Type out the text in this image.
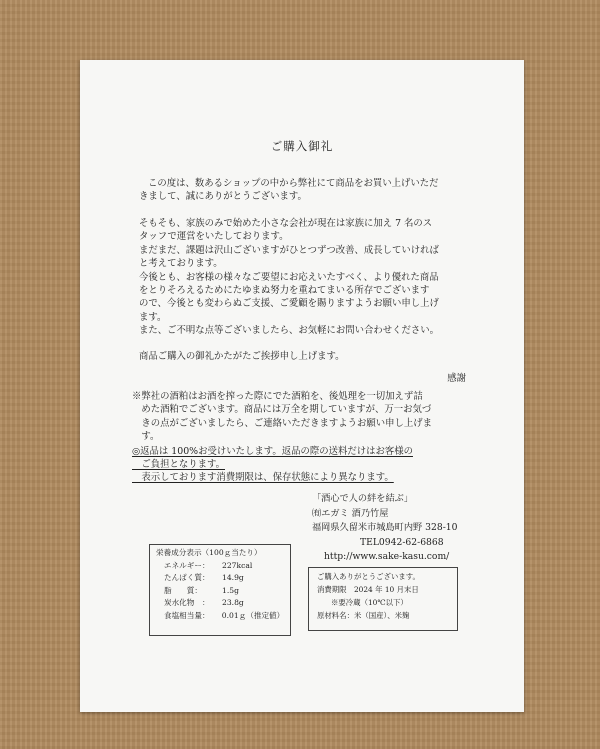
ご購入御礼
この度は、数あるショップの中から弊社にて商品をお買い上げいただ
きまして、誠にありがとうございます。
そもそも、家族のみで始めた小さな会社が現在は家族に加え 7 名のス
タッフで運営をいたしております。
まだまだ、課題は沢山ございますがひとつずつ改善、成長していければ
と考えております。
今後とも、お客様の様々なご要望にお応えいたすべく、より優れた商品
をとりそろえるためにたゆまぬ努力を重ねてまいる所存でございます
ので、今後とも変わらぬご支援、ご愛顧を賜りますようお願い申し上げ
ます。
また、ご不明な点等ございましたら、お気軽にお問い合わせください。
商品ご購入の御礼かたがたご挨拶申し上げます。
感謝
※弊社の酒粕はお酒を搾った際にでた酒粕を、後処理を一切加えず詰
　めた酒粕でございます。商品には万全を期していますが、万一お気づ
　きの点がございましたら、ご連絡いただきますようお願い申し上げま
　す。
◎返品は 100%お受けいたします。返品の際の送料だけはお客様の
　ご負担となります。
　表示しております消費期限は、保存状態により異なります。
「酒心で人の絆を結ぶ」
㈲エガミ 酒乃竹屋
福岡県久留米市城島町内野 328-10
TEL0942-62-6868
http://www.sake-kasu.com/
栄養成分表示（100ｇ当たり）
エネルギー：	227kcal
たんぱく質：	14.9g
脂　　質：	1.5g
炭水化物　：	23.8g
食塩相当量：	0.01ｇ（推定値）
ご購入ありがとうございます。
消費期限　2024 年 10 月末日
※要冷蔵（10℃以下）
原材料名：米（国産）、米麹
